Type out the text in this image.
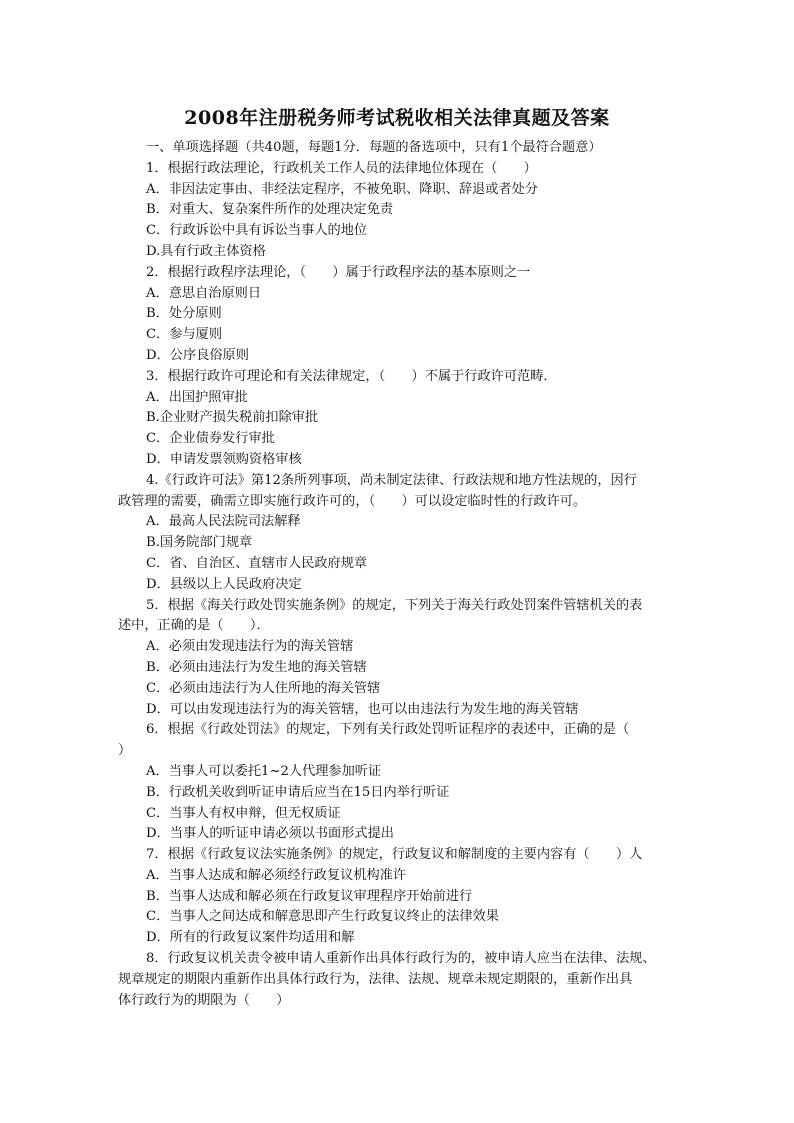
2008年注册税务师考试税收相关法律真题及答案
一、单项选择题（共40题，每题1分．每题的备选项中，只有1个最符合题意）
1．根据行政法理论，行政机关工作人员的法律地位体现在（　　）
A．非因法定事由、非经法定程序，不被免职、降职、辞退或者处分
B．对重大、复杂案件所作的处理决定免责
C．行政诉讼中具有诉讼当事人的地位
D.具有行政主体资格
2．根据行政程序法理论，（　　）属于行政程序法的基本原则之一
A．意思自治原则日
B．处分原则
C．参与厦则
D．公序良俗原则
3．根据行政许可理论和有关法律规定，（　　）不属于行政许可范畴．
A．出国护照审批
B.企业财产损失税前扣除审批
C．企业债券发行审批
D．申请发票领购资格审核
4.《行政许可法》第12条所列事项，尚未制定法律、行政法规和地方性法规的，因行
政管理的需要，确需立即实施行政许可的，（　　）可以设定临时性的行政许可。
A．最高人民法院司法解释
B.国务院部门规章
C．省、自治区、直辖市人民政府规章
D．县级以上人民政府决定
5．根据《海关行政处罚实施条例》的规定，下列关于海关行政处罚案件管辖机关的表
述中，正确的是（　　）．
A．必须由发现违法行为的海关管辖
B．必须由违法行为发生地的海关管辖
C．必须由违法行为人住所地的海关管辖
D．可以由发现违法行为的海关管辖，也可以由违法行为发生地的海关管辖
6．根据《行政处罚法》的规定，下列有关行政处罚听证程序的表述中，正确的是（
）
A．当事人可以委托1~2人代理参加听证
B．行政机关收到听证申请后应当在15日内举行听证
C．当事人有权申辩，但无权质证
D．当事人的听证申请必须以书面形式提出
7．根据《行政复议法实施条例》的规定，行政复议和解制度的主要内容有（　　）人
A．当事人达成和解必须经行政复议机构准许
B．当事人达成和解必须在行政复议审理程序开始前进行
C．当事人之间达成和解意思即产生行政复议终止的法律效果
D．所有的行政复议案件均适用和解
8．行政复议机关责令被申请人重新作出具体行政行为的，被申请人应当在法律、法规、
规章规定的期限内重新作出具体行政行为，法律、法规、规章未规定期限的，重新作出具
体行政行为的期限为（　　）
